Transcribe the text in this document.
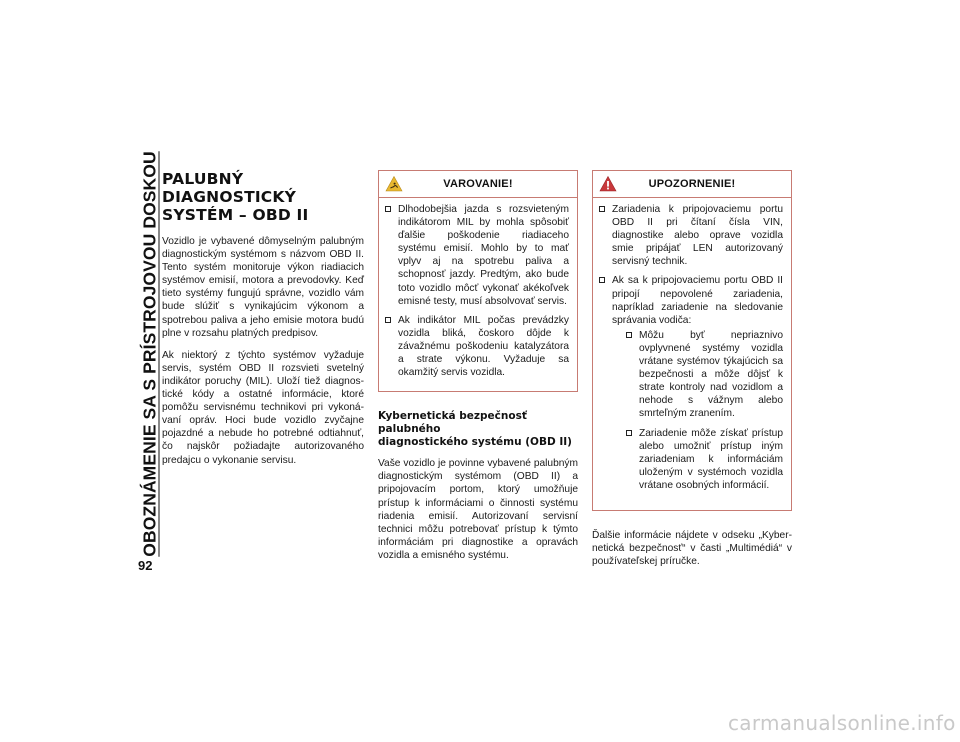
OBOZNÁMENIE SA S PRÍSTROJOVOU DOSKOU
92
PALUBNÝ DIAGNOSTICKÝ
SYSTÉM – OBD II

Vozidlo je vybavené dômyselným palubným diagnostickým systémom s názvom OBD II. Tento systém monitoruje výkon riadiacich systémov emisií, motora a prevodovky. Keď tieto systémy fungujú správne, vozidlo vám bude slúžiť s vynikajúcim výkonom a spotrebou paliva a jeho emisie motora budú plne v rozsahu platných predpisov.

Ak niektorý z týchto systémov vyžaduje servis, systém OBD II rozsvieti svetelný indikátor poruchy (MIL). Uloží tiež diagnostické kódy a ostatné informácie, ktoré pomôžu servisnému technikovi pri vykonávaní opráv. Hoci bude vozidlo zvyčajne pojazdné a nebude ho potrebné odtiahnuť, čo najskôr požiadajte autorizovaného predajcu o vykonanie servisu.

VAROVANIE!
Dlhodobejšia jazda s rozsvieteným indikátorom MIL by mohla spôsobiť ďalšie poškodenie riadiaceho systému emisií. Mohlo by to mať vplyv aj na spotrebu paliva a schopnosť jazdy. Predtým, ako bude toto vozidlo môcť vykonať akékoľvek emisné testy, musí absolvovať servis.
Ak indikátor MIL počas prevádzky vozidla bliká, čoskoro dôjde k závažnému poškodeniu katalyzátora a strate výkonu. Vyžaduje sa okamžitý servis vozidla.
Kybernetická bezpečnosť palubného
diagnostického systému (OBD II)

Vaše vozidlo je povinne vybavené palubným diagnostickým systémom (OBD II) a pripojovacím portom, ktorý umožňuje prístup k informáciami o činnosti systému riadenia emisií. Autorizovaní servisní technici môžu potrebovať prístup k týmto informáciám pri diagnostike a opravách vozidla a emisného systému.

UPOZORNENIE!
Zariadenia k pripojovaciemu portu OBD II pri čítaní čísla VIN, diagnostike alebo oprave vozidla smie pripájať LEN autorizovaný servisný technik.
Ak sa k pripojovaciemu portu OBD II pripojí nepovolené zariadenia, napríklad zariadenie na sledovanie správania vodiča:
Môžu byť nepriaznivo ovplyvnené systémy vozidla vrátane systémov týkajúcich sa bezpečnosti a môže dôjsť k strate kontroly nad vozidlom a nehode s vážnym alebo smrteľným zranením.
Zariadenie môže získať prístup alebo umožniť prístup iným zariadeniam k informáciám uloženým v systémoch vozidla vrátane osobných informácií.

Ďalšie informácie nájdete v odseku „Kybernetická bezpečnosť“ v časti „Multimédiá“ v používateľskej príručke.

carmanualsonline.info
